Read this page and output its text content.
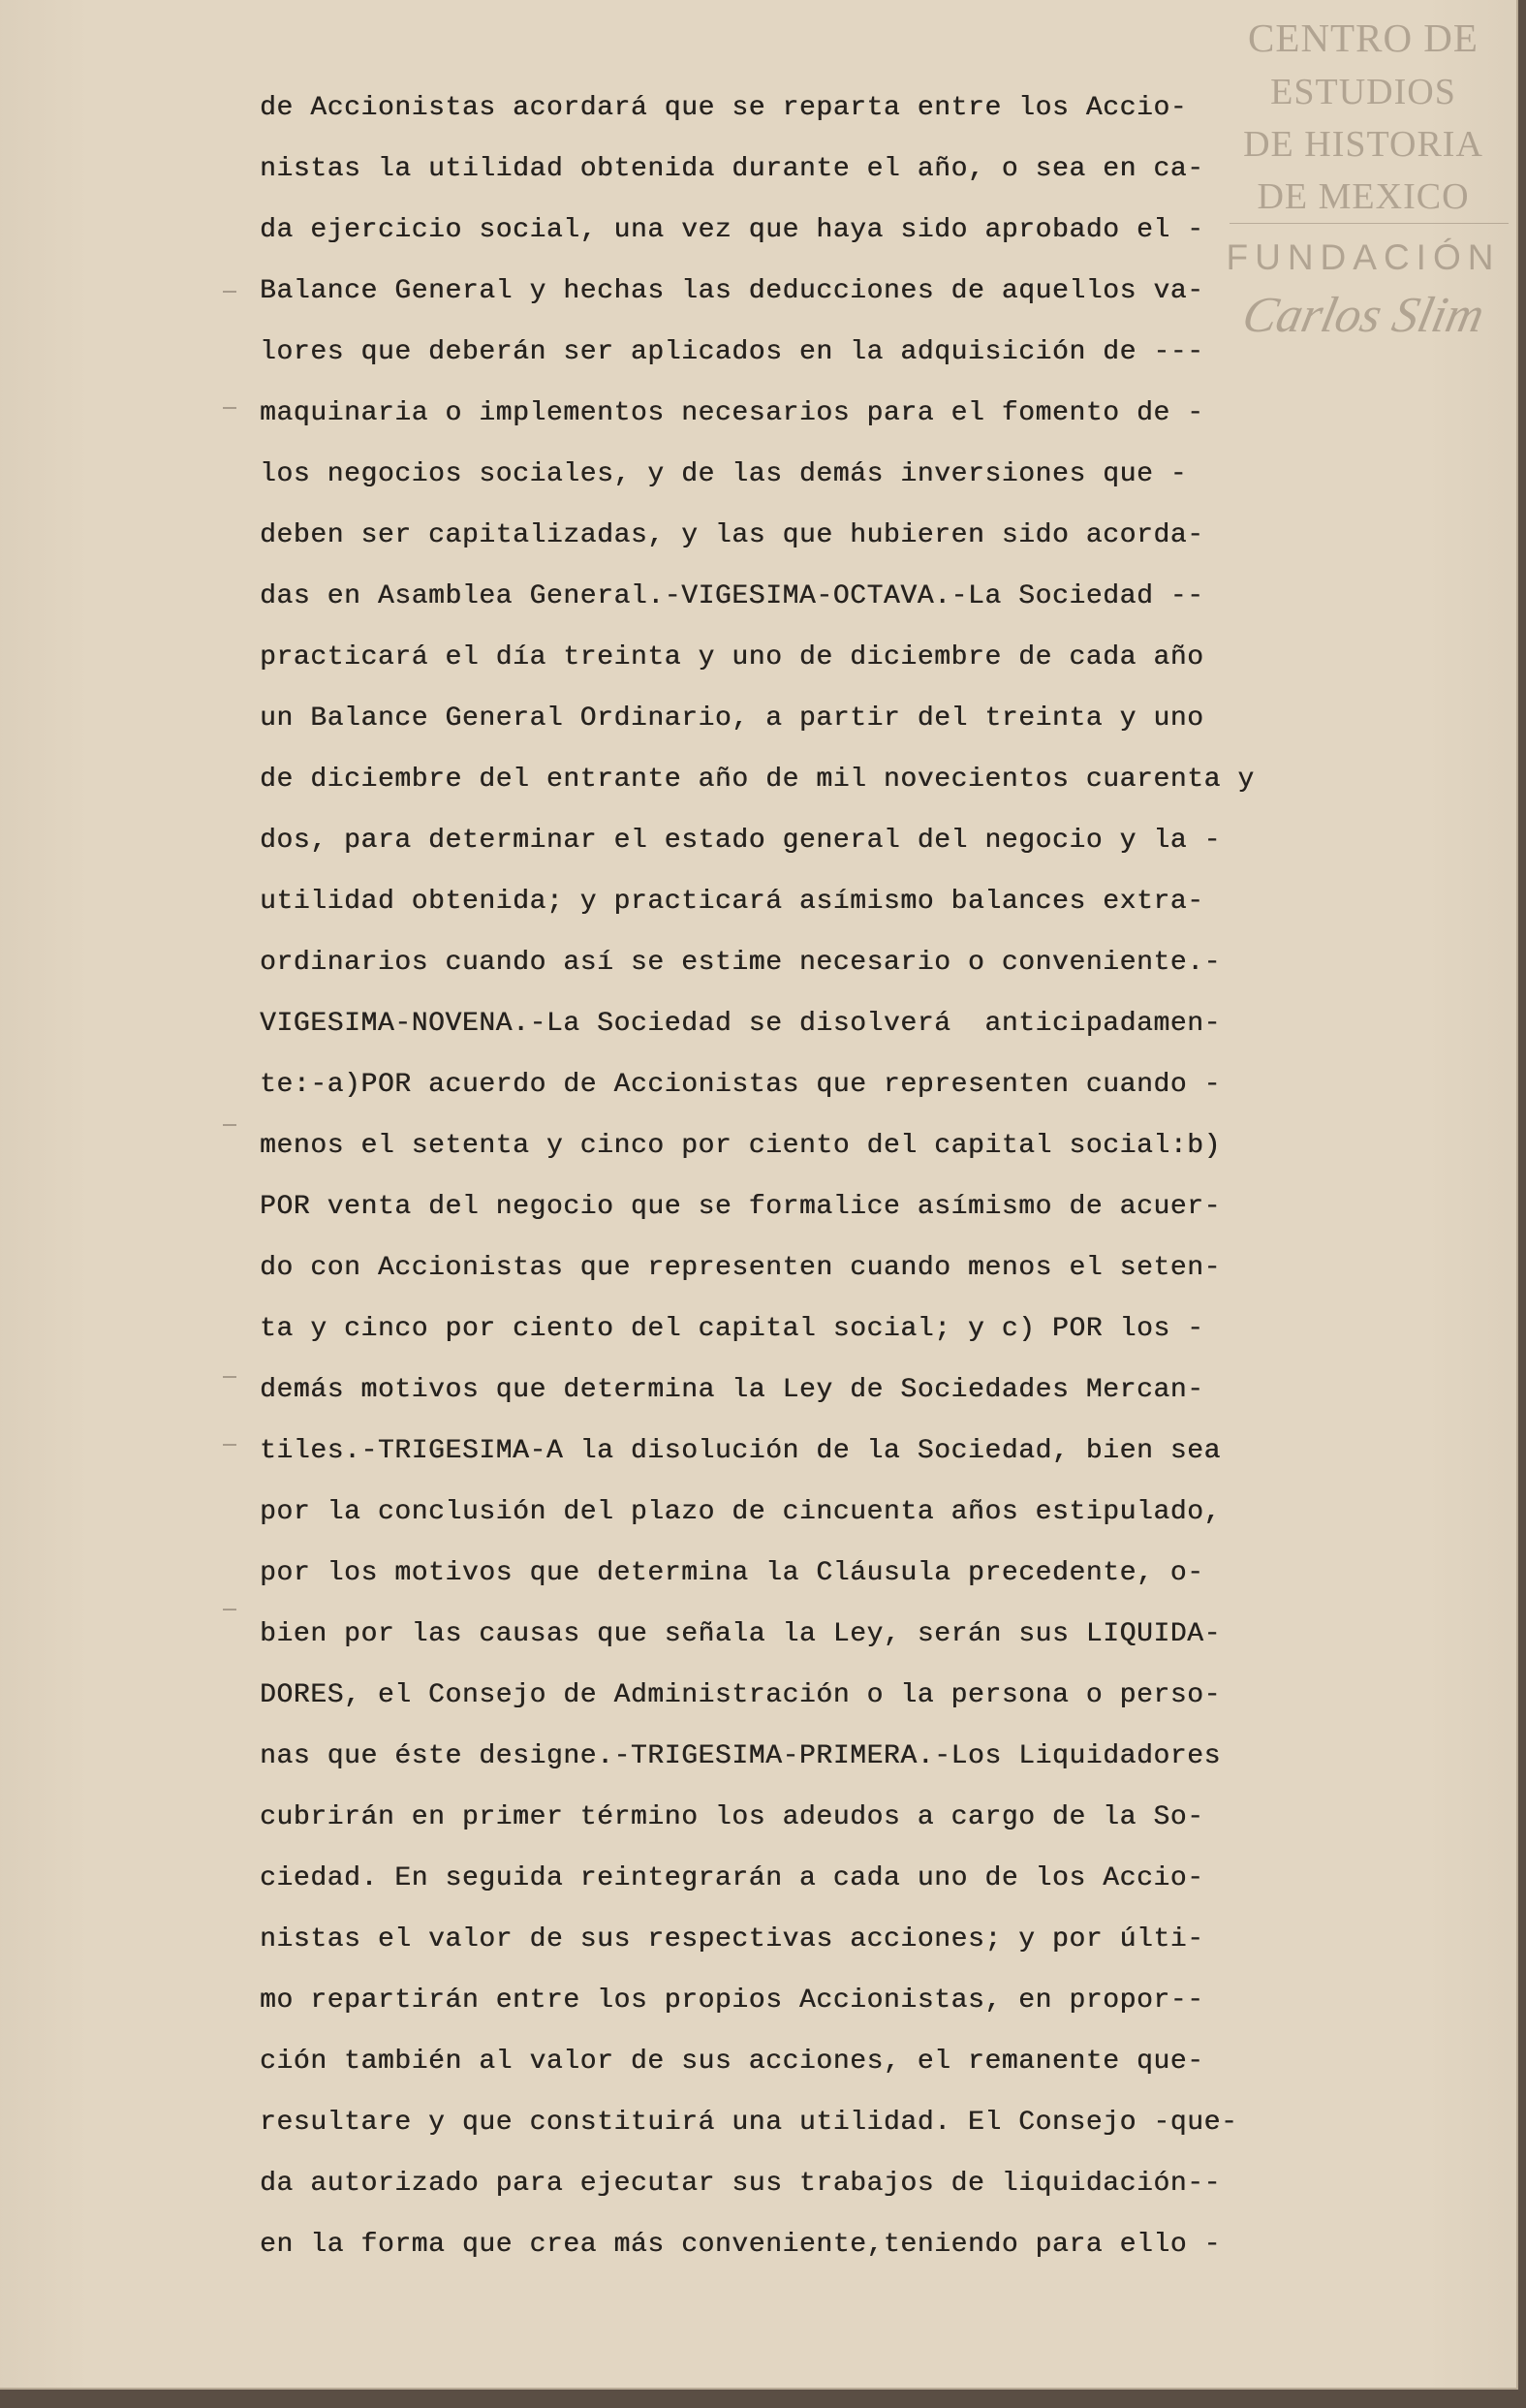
CENTRO DE
ESTUDIOS
DE HISTORIA
DE MEXICO
FUNDACIÓN
Carlos Slim
de Accionistas acordará que se reparta entre los Accio-
nistas la utilidad obtenida durante el año, o sea en ca-
da ejercicio social, una vez que haya sido aprobado el -
Balance General y hechas las deducciones de aquellos va-
lores que deberán ser aplicados en la adquisición de ---
maquinaria o implementos necesarios para el fomento de -
los negocios sociales, y de las demás inversiones que -
deben ser capitalizadas, y las que hubieren sido acorda-
das en Asamblea General.-VIGESIMA-OCTAVA.-La Sociedad --
practicará el día treinta y uno de diciembre de cada año
un Balance General Ordinario, a partir del treinta y uno
de diciembre del entrante año de mil novecientos cuarenta y
dos, para determinar el estado general del negocio y la -
utilidad obtenida; y practicará asímismo balances extra-
ordinarios cuando así se estime necesario o conveniente.-
VIGESIMA-NOVENA.-La Sociedad se disolverá  anticipadamen-
te:-a)POR acuerdo de Accionistas que representen cuando -
menos el setenta y cinco por ciento del capital social:b)
POR venta del negocio que se formalice asímismo de acuer-
do con Accionistas que representen cuando menos el seten-
ta y cinco por ciento del capital social; y c) POR los -
demás motivos que determina la Ley de Sociedades Mercan-
tiles.-TRIGESIMA-A la disolución de la Sociedad, bien sea
por la conclusión del plazo de cincuenta años estipulado,
por los motivos que determina la Cláusula precedente, o-
bien por las causas que señala la Ley, serán sus LIQUIDA-
DORES, el Consejo de Administración o la persona o perso-
nas que éste designe.-TRIGESIMA-PRIMERA.-Los Liquidadores
cubrirán en primer término los adeudos a cargo de la So-
ciedad. En seguida reintegrarán a cada uno de los Accio-
nistas el valor de sus respectivas acciones; y por últi-
mo repartirán entre los propios Accionistas, en propor--
ción también al valor de sus acciones, el remanente que-
resultare y que constituirá una utilidad. El Consejo -que-
da autorizado para ejecutar sus trabajos de liquidación--
en la forma que crea más conveniente,teniendo para ello -
